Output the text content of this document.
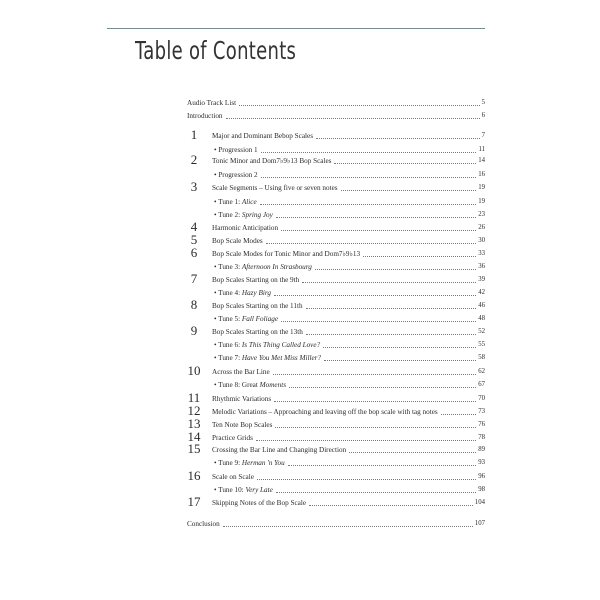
Table of Contents
Audio Track List	5
Introduction	6
1	Major and Dominant Bebop Scales	7
• Progression 1	11
2	Tonic Minor and Dom7♭9♭13 Bop Scales	14
• Progression 2	16
3	Scale Segments – Using five or seven notes	19
• Tune 1: Alice	19
• Tune 2: Spring Joy	23
4	Harmonic Anticipation	26
5	Bop Scale Modes	30
6	Bop Scale Modes for Tonic Minor and Dom7♭9♭13	33
• Tune 3: Afternoon In Strasbourg	36
7	Bop Scales Starting on the 9th	39
• Tune 4: Hazy Birg	42
8	Bop Scales Starting on the 11th	46
• Tune 5: Fall Foliage	48
9	Bop Scales Starting on the 13th	52
• Tune 6: Is This Thing Called Love?	55
• Tune 7: Have You Met Miss Miller?	58
10	Across the Bar Line	62
• Tune 8: Great Moments	67
11	Rhythmic Variations	70
12	Melodic Variations – Approaching and leaving off the bop scale with tag notes	73
13	Ten Note Bop Scales	76
14	Practice Grids	78
15	Crossing the Bar Line and Changing Direction	89
• Tune 9: Herman 'n You	93
16	Scale on Scale	96
• Tune 10: Very Late	98
17	Skipping Notes of the Bop Scale	104
Conclusion	107
